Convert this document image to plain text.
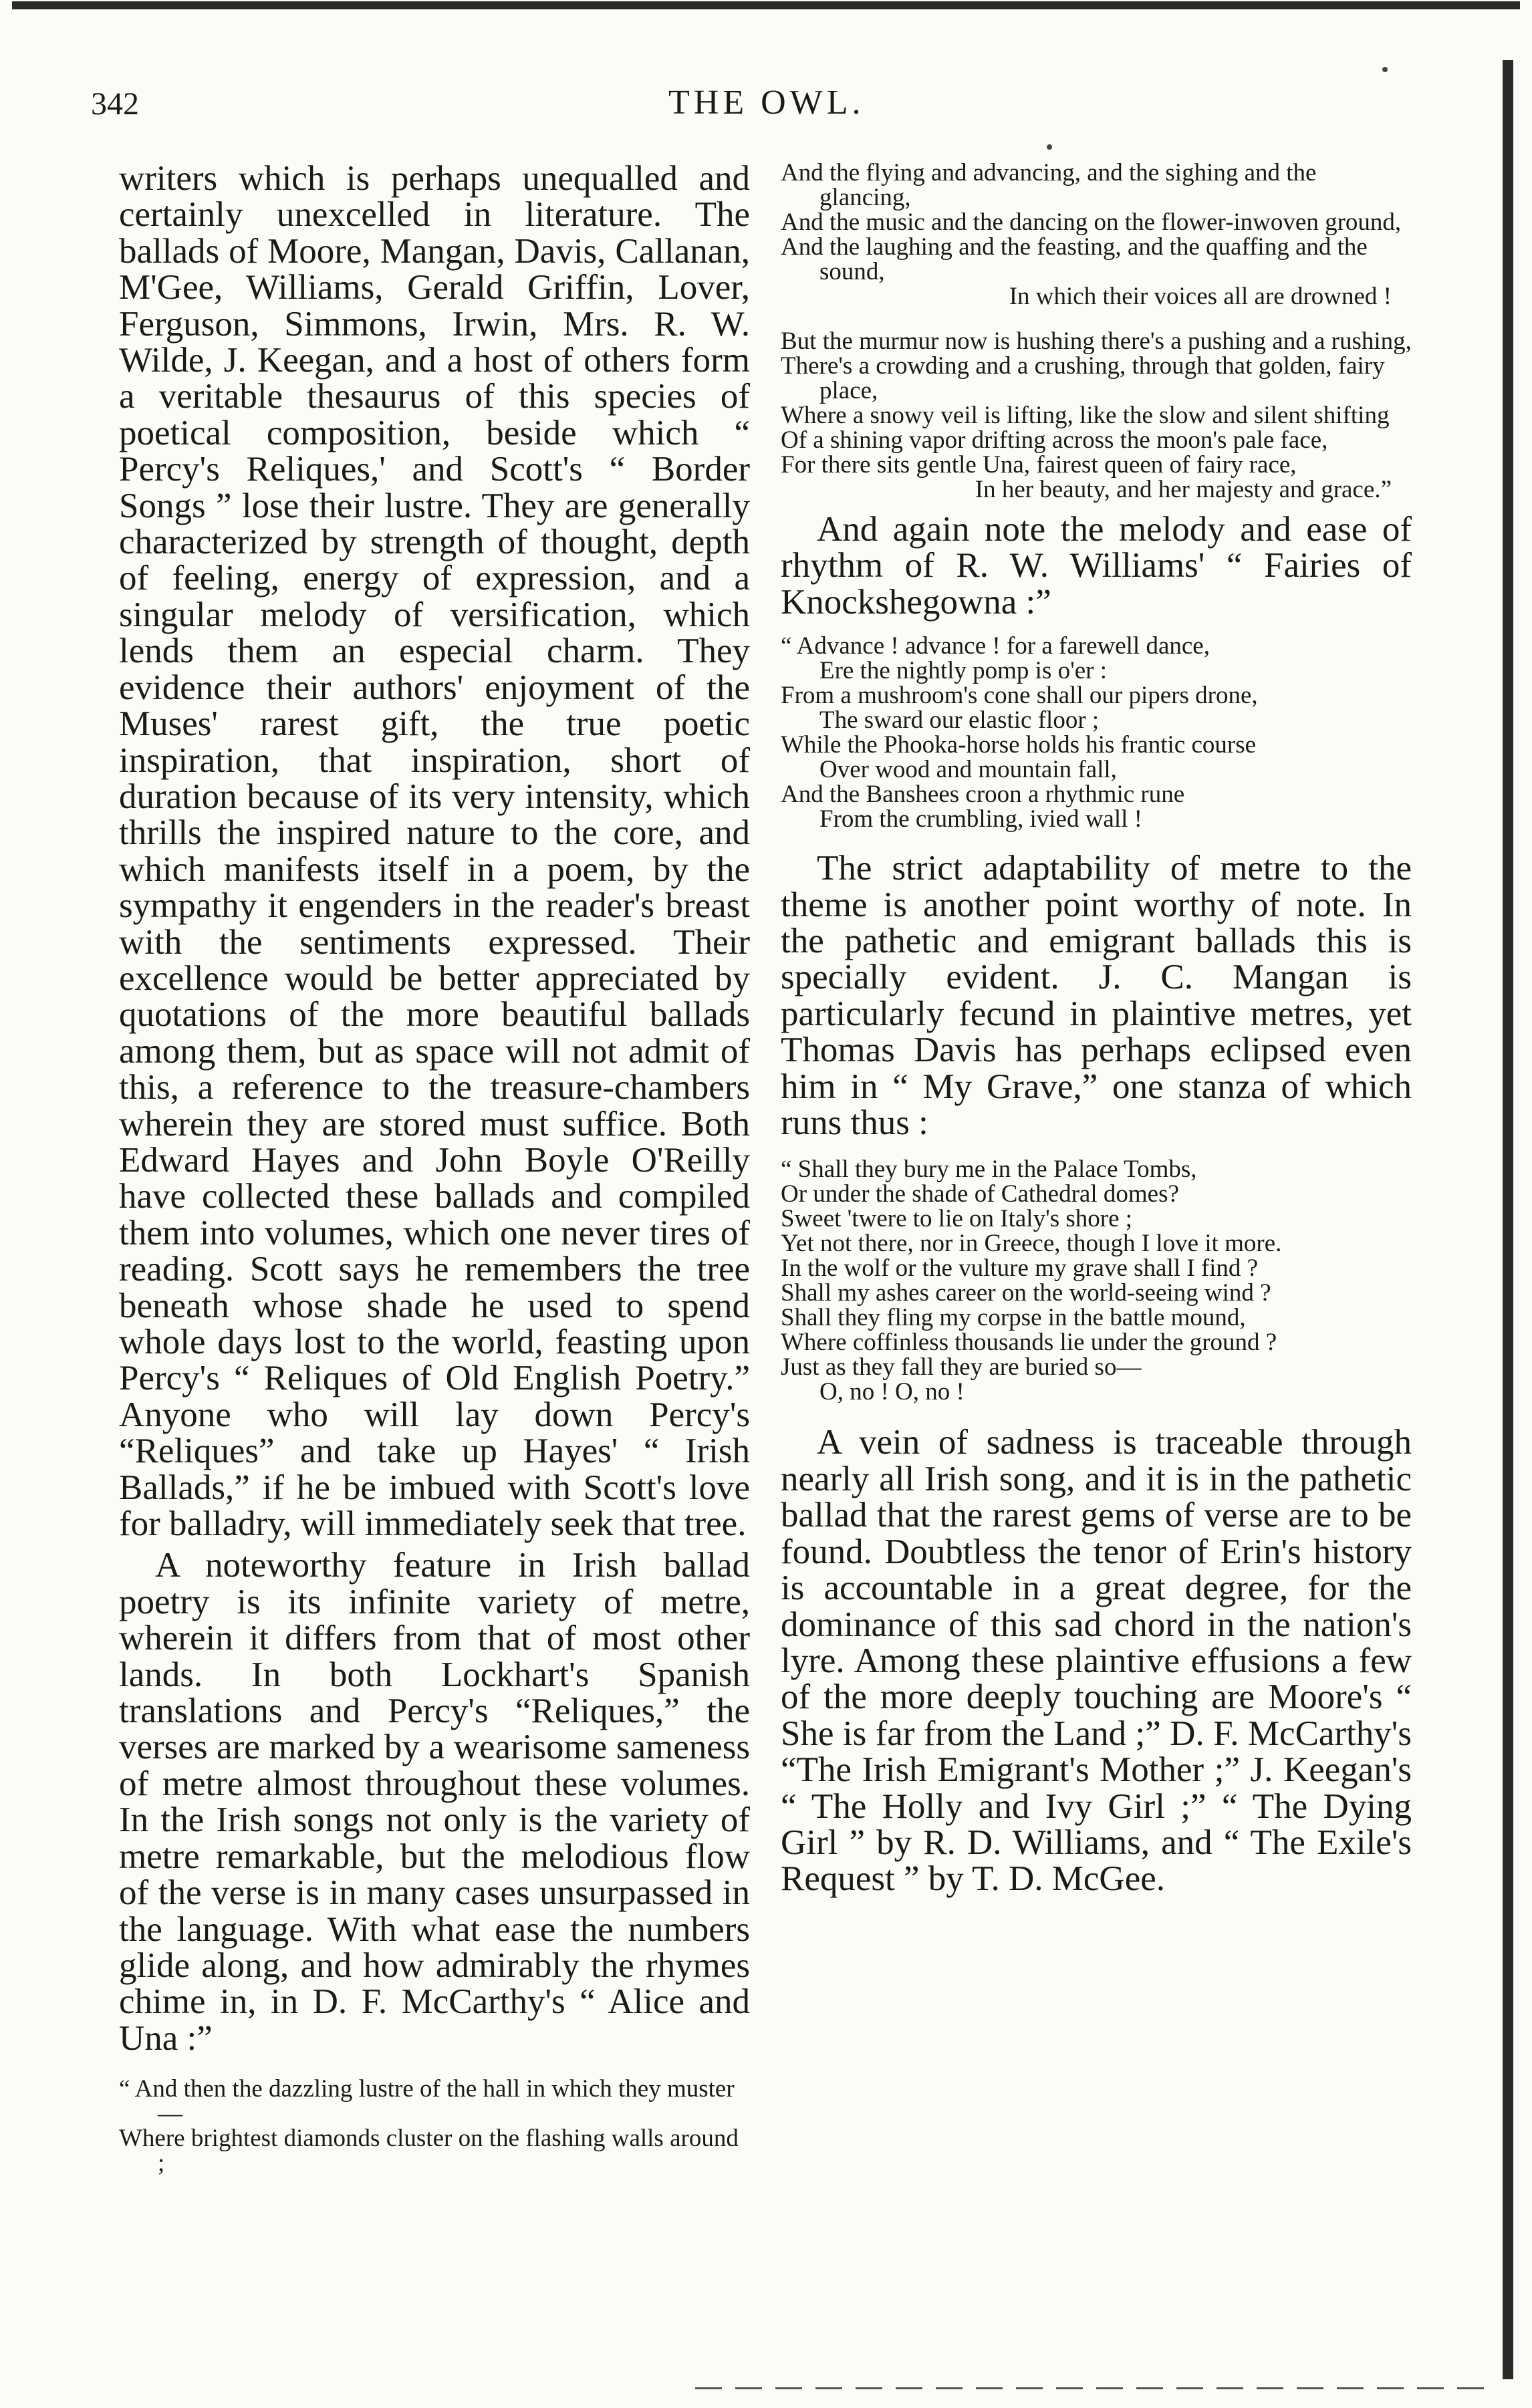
342	THE OWL.

writers which is perhaps unequalled and certainly unexcelled in literature. The ballads of Moore, Mangan, Davis, Callanan, M'Gee, Williams, Gerald Griffin, Lover, Ferguson, Simmons, Irwin, Mrs. R. W. Wilde, J. Keegan, and a host of others form a veritable thesaurus of this species of poetical composition, beside which “ Percy's Reliques,' and Scott's “ Border Songs ” lose their lustre. They are generally characterized by strength of thought, depth of feeling, energy of expression, and a singular melody of versification, which lends them an especial charm. They evidence their authors' enjoyment of the Muses' rarest gift, the true poetic inspiration, that inspiration, short of duration because of its very intensity, which thrills the inspired nature to the core, and which manifests itself in a poem, by the sympathy it engenders in the reader's breast with the sentiments expressed. Their excellence would be better appreciated by quotations of the more beautiful ballads among them, but as space will not admit of this, a reference to the treasure-chambers wherein they are stored must suffice. Both Edward Hayes and John Boyle O'Reilly have collected these ballads and compiled them into volumes, which one never tires of reading. Scott says he remembers the tree beneath whose shade he used to spend whole days lost to the world, feasting upon Percy's “ Reliques of Old English Poetry.” Anyone who will lay down Percy's “Reliques” and take up Hayes' “ Irish Ballads,” if he be imbued with Scott's love for balladry, will immediately seek that tree.

A noteworthy feature in Irish ballad poetry is its infinite variety of metre, wherein it differs from that of most other lands. In both Lockhart's Spanish translations and Percy's “Reliques,” the verses are marked by a wearisome sameness of metre almost throughout these volumes. In the Irish songs not only is the variety of metre remarkable, but the melodious flow of the verse is in many cases unsurpassed in the language. With what ease the numbers glide along, and how admirably the rhymes chime in, in D. F. McCarthy's “ Alice and Una :”

“ And then the dazzling lustre of the hall in which they muster—

Where brightest diamonds cluster on the flashing walls around ;

And the flying and advancing, and the sighing and the glancing,

And the music and the dancing on the flower-inwoven ground,

And the laughing and the feasting, and the quaffing and the sound,

In which their voices all are drowned !

But the murmur now is hushing there's a pushing and a rushing,

There's a crowding and a crushing, through that golden, fairy place,

Where a snowy veil is lifting, like the slow and silent shifting

Of a shining vapor drifting across the moon's pale face,

For there sits gentle Una, fairest queen of fairy race,

In her beauty, and her majesty and grace.”

And again note the melody and ease of rhythm of R. W. Williams' “ Fairies of Knockshegowna :”

“ Advance ! advance ! for a farewell dance,

Ere the nightly pomp is o'er :

From a mushroom's cone shall our pipers drone,

The sward our elastic floor ;

While the Phooka-horse holds his frantic course

Over wood and mountain fall,

And the Banshees croon a rhythmic rune

From the crumbling, ivied wall !

The strict adaptability of metre to the theme is another point worthy of note. In the pathetic and emigrant ballads this is specially evident. J. C. Mangan is particularly fecund in plaintive metres, yet Thomas Davis has perhaps eclipsed even him in “ My Grave,” one stanza of which runs thus :

“ Shall they bury me in the Palace Tombs,

Or under the shade of Cathedral domes?

Sweet 'twere to lie on Italy's shore ;

Yet not there, nor in Greece, though I love it more.

In the wolf or the vulture my grave shall I find ?

Shall my ashes career on the world-seeing wind ?

Shall they fling my corpse in the battle mound,

Where coffinless thousands lie under the ground ?

Just as they fall they are buried so—

O, no ! O, no !

A vein of sadness is traceable through nearly all Irish song, and it is in the pathetic ballad that the rarest gems of verse are to be found. Doubtless the tenor of Erin's history is accountable in a great degree, for the dominance of this sad chord in the nation's lyre. Among these plaintive effusions a few of the more deeply touching are Moore's “ She is far from the Land ;” D. F. McCarthy's “The Irish Emigrant's Mother ;” J. Keegan's “ The Holly and Ivy Girl ;” “ The Dying Girl ” by R. D. Williams, and “ The Exile's Request ” by T. D. McGee.
